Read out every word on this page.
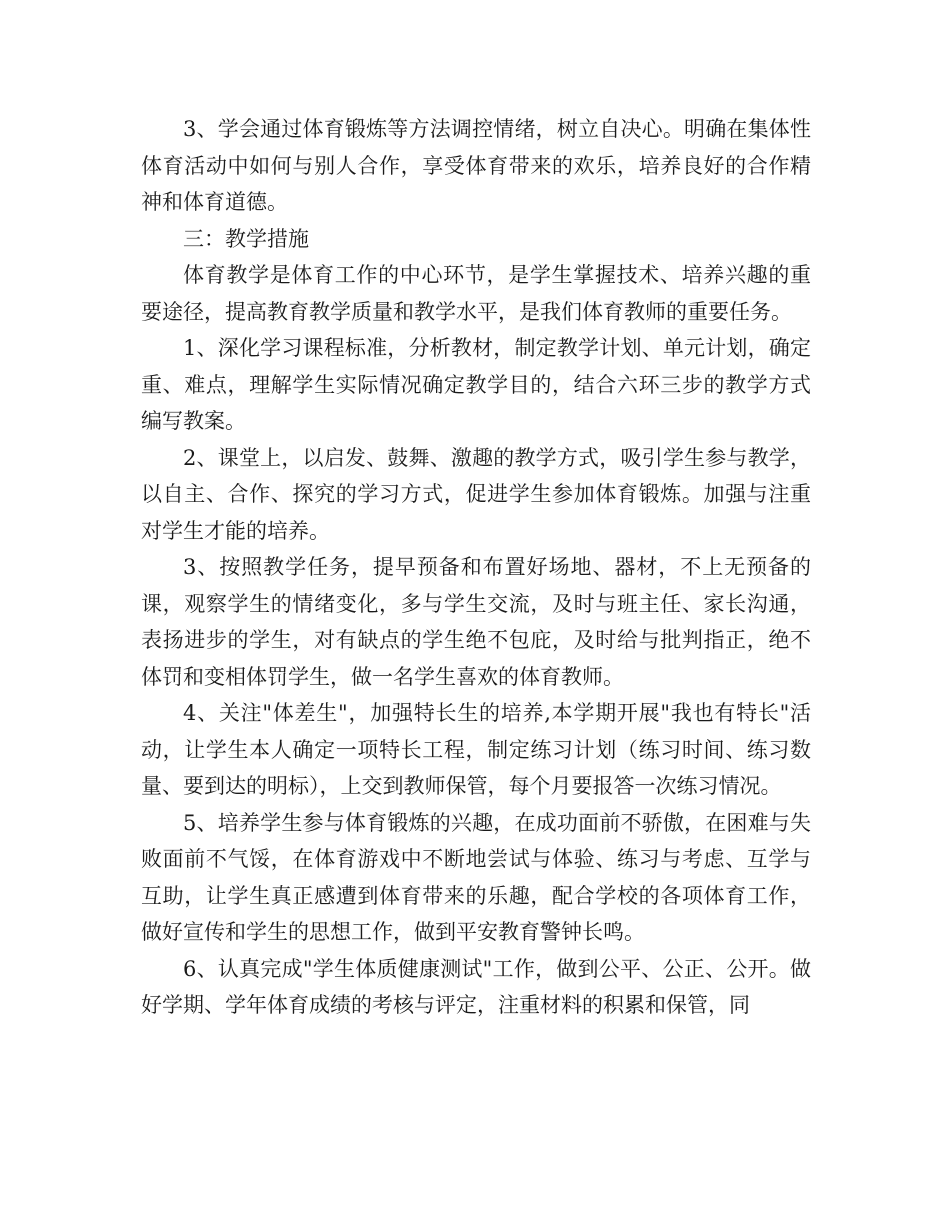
3、学会通过体育锻炼等方法调控情绪，树立自决心。明确在集体性体育活动中如何与别人合作，享受体育带来的欢乐，培养良好的合作精神和体育道德。

三：教学措施

体育教学是体育工作的中心环节，是学生掌握技术、培养兴趣的重要途径，提高教育教学质量和教学水平，是我们体育教师的重要任务。

1、深化学习课程标准，分析教材，制定教学计划、单元计划，确定重、难点，理解学生实际情况确定教学目的，结合六环三步的教学方式编写教案。

2、课堂上，以启发、鼓舞、激趣的教学方式，吸引学生参与教学，以自主、合作、探究的学习方式，促进学生参加体育锻炼。加强与注重对学生才能的培养。

3、按照教学任务，提早预备和布置好场地、器材，不上无预备的课，观察学生的情绪变化，多与学生交流，及时与班主任、家长沟通，表扬进步的学生，对有缺点的学生绝不包庇，及时给与批判指正，绝不体罚和变相体罚学生，做一名学生喜欢的体育教师。

4、关注"体差生"，加强特长生的培养,本学期开展"我也有特长"活动，让学生本人确定一项特长工程，制定练习计划（练习时间、练习数量、要到达的明标），上交到教师保管，每个月要报答一次练习情况。

5、培养学生参与体育锻炼的兴趣，在成功面前不骄傲，在困难与失败面前不气馁，在体育游戏中不断地尝试与体验、练习与考虑、互学与互助，让学生真正感遭到体育带来的乐趣，配合学校的各项体育工作，做好宣传和学生的思想工作，做到平安教育警钟长鸣。

6、认真完成"学生体质健康测试"工作，做到公平、公正、公开。做好学期、学年体育成绩的考核与评定，注重材料的积累和保管，同
